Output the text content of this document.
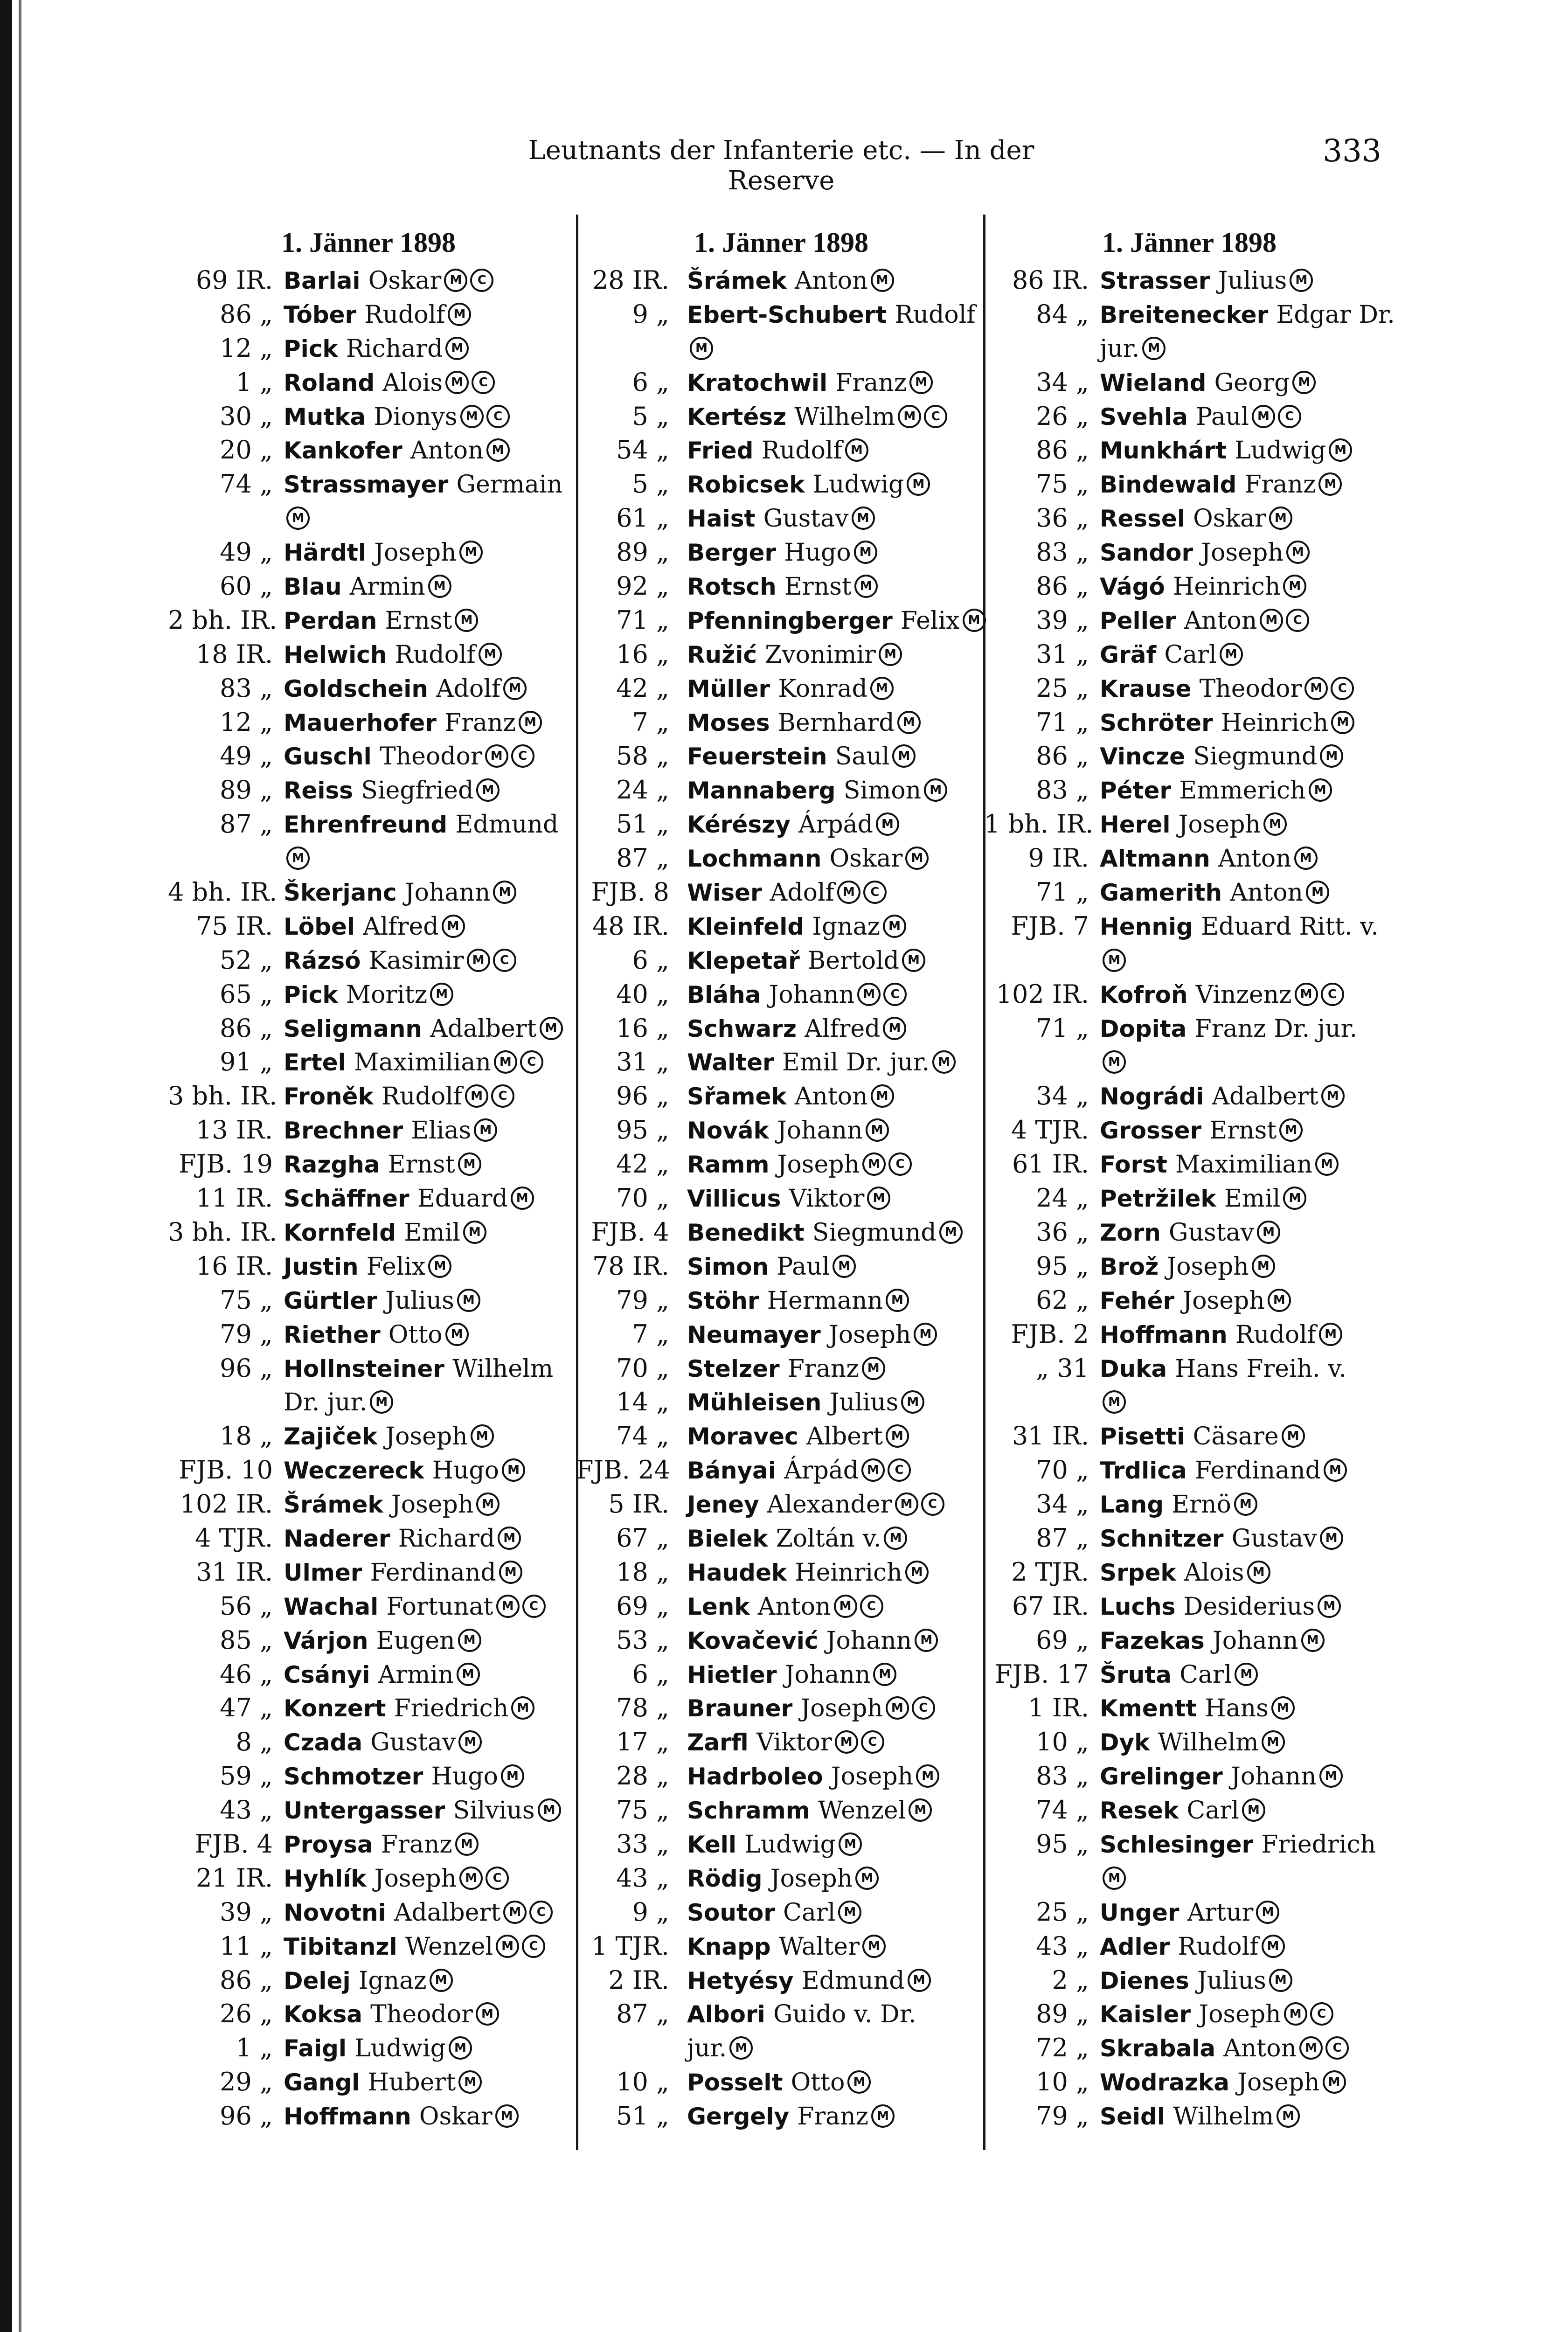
Leutnants der Infanterie etc. — In der Reserve
333
1. Jänner 1898
69 IR. Barlai Oskar M C
86 „ Tóber Rudolf M
12 „ Pick Richard M
1 „ Roland Alois M C
30 „ Mutka Dionys M C
20 „ Kankofer Anton M
74 „ Strassmayer Germain
M
49 „ Härdtl Joseph M
60 „ Blau Armin M
2 bh. IR. Perdan Ernst M
18 IR. Helwich Rudolf M
83 „ Goldschein Adolf M
12 „ Mauerhofer Franz M
49 „ Guschl Theodor M C
89 „ Reiss Siegfried M
87 „ Ehrenfreund Edmund
M
4 bh. IR. Škerjanc Johann M
75 IR. Löbel Alfred M
52 „ Rázsó Kasimir M C
65 „ Pick Moritz M
86 „ Seligmann Adalbert M
91 „ Ertel Maximilian M C
3 bh. IR. Froněk Rudolf M C
13 IR. Brechner Elias M
FJB. 19 Razgha Ernst M
11 IR. Schäffner Eduard M
3 bh. IR. Kornfeld Emil M
16 IR. Justin Felix M
75 „ Gürtler Julius M
79 „ Riether Otto M
96 „ Hollnsteiner Wilhelm
Dr. jur. M
18 „ Zajiček Joseph M
FJB. 10 Weczereck Hugo M
102 IR. Šrámek Joseph M
4 TJR. Naderer Richard M
31 IR. Ulmer Ferdinand M
56 „ Wachal Fortunat M C
85 „ Várjon Eugen M
46 „ Csányi Armin M
47 „ Konzert Friedrich M
8 „ Czada Gustav M
59 „ Schmotzer Hugo M
43 „ Untergasser Silvius M
FJB. 4 Proysa Franz M
21 IR. Hyhlík Joseph M C
39 „ Novotni Adalbert M C
11 „ Tibitanzl Wenzel M C
86 „ Delej Ignaz M
26 „ Koksa Theodor M
1 „ Faigl Ludwig M
29 „ Gangl Hubert M
96 „ Hoffmann Oskar M
1. Jänner 1898
28 IR. Šrámek Anton M
9 „ Ebert-Schubert Rudolf
M
6 „ Kratochwil Franz M
5 „ Kertész Wilhelm M C
54 „ Fried Rudolf M
5 „ Robicsek Ludwig M
61 „ Haist Gustav M
89 „ Berger Hugo M
92 „ Rotsch Ernst M
71 „ Pfenningberger Felix M
16 „ Ružić Zvonimir M
42 „ Müller Konrad M
7 „ Moses Bernhard M
58 „ Feuerstein Saul M
24 „ Mannaberg Simon M
51 „ Kérészy Árpád M
87 „ Lochmann Oskar M
FJB. 8 Wiser Adolf M C
48 IR. Kleinfeld Ignaz M
6 „ Klepetař Bertold M
40 „ Bláha Johann M C
16 „ Schwarz Alfred M
31 „ Walter Emil Dr. jur. M
96 „ Sřamek Anton M
95 „ Novák Johann M
42 „ Ramm Joseph M C
70 „ Villicus Viktor M
FJB. 4 Benedikt Siegmund M
78 IR. Simon Paul M
79 „ Stöhr Hermann M
7 „ Neumayer Joseph M
70 „ Stelzer Franz M
14 „ Mühleisen Julius M
74 „ Moravec Albert M
FJB. 24 Bányai Árpád M C
5 IR. Jeney Alexander M C
67 „ Bielek Zoltán v. M
18 „ Haudek Heinrich M
69 „ Lenk Anton M C
53 „ Kovačević Johann M
6 „ Hietler Johann M
78 „ Brauner Joseph M C
17 „ Zarfl Viktor M C
28 „ Hadrboleo Joseph M
75 „ Schramm Wenzel M
33 „ Kell Ludwig M
43 „ Rödig Joseph M
9 „ Soutor Carl M
1 TJR. Knapp Walter M
2 IR. Hetyésy Edmund M
87 „ Albori Guido v. Dr.
jur. M
10 „ Posselt Otto M
51 „ Gergely Franz M
1. Jänner 1898
86 IR. Strasser Julius M
84 „ Breitenecker Edgar Dr.
jur. M
34 „ Wieland Georg M
26 „ Svehla Paul M C
86 „ Munkhárt Ludwig M
75 „ Bindewald Franz M
36 „ Ressel Oskar M
83 „ Sandor Joseph M
86 „ Vágó Heinrich M
39 „ Peller Anton M C
31 „ Gräf Carl M
25 „ Krause Theodor M C
71 „ Schröter Heinrich M
86 „ Vincze Siegmund M
83 „ Péter Emmerich M
1 bh. IR. Herel Joseph M
9 IR. Altmann Anton M
71 „ Gamerith Anton M
FJB. 7 Hennig Eduard Ritt. v.
M
102 IR. Kofroň Vinzenz M C
71 „ Dopita Franz Dr. jur.
M
34 „ Nográdi Adalbert M
4 TJR. Grosser Ernst M
61 IR. Forst Maximilian M
24 „ Petržilek Emil M
36 „ Zorn Gustav M
95 „ Brož Joseph M
62 „ Fehér Joseph M
FJB. 2 Hoffmann Rudolf M
„ 31 Duka Hans Freih. v.
M
31 IR. Pisetti Cäsare M
70 „ Trdlica Ferdinand M
34 „ Lang Ernö M
87 „ Schnitzer Gustav M
2 TJR. Srpek Alois M
67 IR. Luchs Desiderius M
69 „ Fazekas Johann M
FJB. 17 Šruta Carl M
1 IR. Kmentt Hans M
10 „ Dyk Wilhelm M
83 „ Grelinger Johann M
74 „ Resek Carl M
95 „ Schlesinger Friedrich
M
25 „ Unger Artur M
43 „ Adler Rudolf M
2 „ Dienes Julius M
89 „ Kaisler Joseph M C
72 „ Skrabala Anton M C
10 „ Wodrazka Joseph M
79 „ Seidl Wilhelm M
